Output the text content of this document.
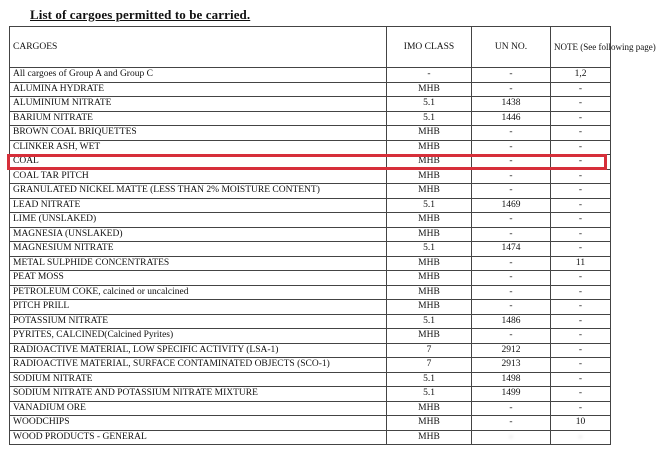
List of cargoes permitted to be carried.
CARGOES	IMO CLASS	UN NO.	NOTE (See following page)
All cargoes of Group A and Group C	-	-	1,2
ALUMINA HYDRATE	MHB	-	-
ALUMINIUM NITRATE	5.1	1438	-
BARIUM NITRATE	5.1	1446	-
BROWN COAL BRIQUETTES	MHB	-	-
CLINKER ASH, WET	MHB	-	-
COAL	MHB	-	-
COAL TAR PITCH	MHB	-	-
GRANULATED NICKEL MATTE (LESS THAN 2% MOISTURE CONTENT)	MHB	-	-
LEAD NITRATE	5.1	1469	-
LIME (UNSLAKED)	MHB	-	-
MAGNESIA (UNSLAKED)	MHB	-	-
MAGNESIUM NITRATE	5.1	1474	-
METAL SULPHIDE CONCENTRATES	MHB	-	11
PEAT MOSS	MHB	-	-
PETROLEUM COKE, calcined or uncalcined	MHB	-	-
PITCH PRILL	MHB	-	-
POTASSIUM NITRATE	5.1	1486	-
PYRITES, CALCINED(Calcined Pyrites)	MHB	-	-
RADIOACTIVE MATERIAL, LOW SPECIFIC ACTIVITY (LSA-1)	7	2912	-
RADIOACTIVE MATERIAL, SURFACE CONTAMINATED OBJECTS (SCO-1)	7	2913	-
SODIUM NITRATE	5.1	1498	-
SODIUM NITRATE AND POTASSIUM NITRATE MIXTURE	5.1	1499	-
VANADIUM ORE	MHB	-	-
WOODCHIPS	MHB	-	10
WOOD PRODUCTS - GENERAL	MHB	-	-
